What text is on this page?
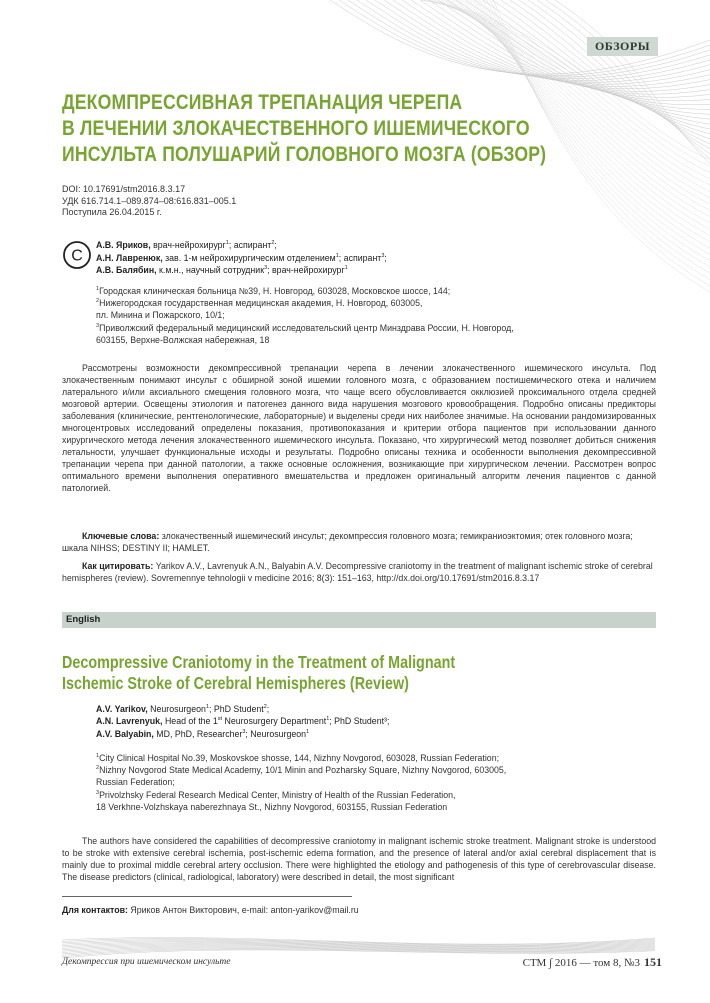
ОБЗОРЫ
ДЕКОМПРЕССИВНАЯ ТРЕПАНАЦИЯ ЧЕРЕПА
В ЛЕЧЕНИИ ЗЛОКАЧЕСТВЕННОГО ИШЕМИЧЕСКОГО
ИНСУЛЬТА ПОЛУШАРИЙ ГОЛОВНОГО МОЗГА (ОБЗОР)
DOI: 10.17691/stm2016.8.3.17
УДК 616.714.1–089.874–08:616.831–005.1
Поступила 26.04.2015 г.
C
А.В. Яриков, врач-нейрохирург$^1$; аспирант$^2$;
А.Н. Лавренюк, зав. 1-м нейрохирургическим отделением$^1$; аспирант$^3$;
А.В. Балябин, к.м.н., научный сотрудник$^3$; врач-нейрохирург$^1$
$^1$Городская клиническая больница №39, Н. Новгород, 603028, Московское шоссе, 144;
$^2$Нижегородская государственная медицинская академия, Н. Новгород, 603005,
пл. Минина и Пожарского, 10/1;
$^3$Приволжский федеральный медицинский исследовательский центр Минздрава России, Н. Новгород,
603155, Верхне-Волжская набережная, 18

Рассмотрены возможности декомпрессивной трепанации черепа в лечении злокачественного ишемического инсульта. Под злокачественным понимают инсульт с обширной зоной ишемии головного мозга, с образованием постишемического отека и наличием латерального и/или аксиального смещения головного мозга, что чаще всего обусловливается окклюзией проксимального отдела средней мозговой артерии. Освещены этиология и патогенез данного вида нарушения мозгового кровообращения. Подробно описаны предикторы заболевания (клинические, рентгенологические, лабораторные) и выделены среди них наиболее значимые. На основании рандомизированных многоцентровых исследований определены показания, противопоказания и критерии отбора пациентов при использовании данного хирургического метода лечения злокачественного ишемического инсульта. Показано, что хирургический метод позволяет добиться снижения летальности, улучшает функциональные исходы и результаты. Подробно описаны техника и особенности выполнения декомпрессивной трепанации черепа при данной патологии, а также основные осложнения, возникающие при хирургическом лечении. Рассмотрен вопрос оптимального времени выполнения оперативного вмешательства и предложен оригинальный алгоритм лечения пациентов с данной патологией.

Ключевые слова: злокачественный ишемический инсульт; декомпрессия головного мозга; гемикраниоэктомия; отек головного мозга; шкала NIHSS; DESTINY II; HAMLET.
Как цитировать: Yarikov A.V., Lavrenyuk A.N., Balyabin A.V. Decompressive craniotomy in the treatment of malignant ischemic stroke of cerebral hemispheres (review). Sovremennye tehnologii v medicine 2016; 8(3): 151–163, http://dx.doi.org/10.17691/stm2016.8.3.17
English
Decompressive Craniotomy in the Treatment of Malignant
Ischemic Stroke of Cerebral Hemispheres (Review)
A.V. Yarikov, Neurosurgeon$^1$; PhD Student$^2$;
A.N. Lavrenyuk, Head of the 1st Neurosurgery Department$^1$; PhD Student³;
A.V. Balyabin, MD, PhD, Researcher$^3$; Neurosurgeon$^1$
$^1$City Clinical Hospital No.39, Moskovskoe shosse, 144, Nizhny Novgorod, 603028, Russian Federation;
$^2$Nizhny Novgorod State Medical Academy, 10/1 Minin and Pozharsky Square, Nizhny Novgorod, 603005,
Russian Federation;
$^3$Privolzhsky Federal Research Medical Center, Ministry of Health of the Russian Federation,
18 Verkhne-Volzhskaya naberezhnaya St., Nizhny Novgorod, 603155, Russian Federation

The authors have considered the capabilities of decompressive craniotomy in malignant ischemic stroke treatment. Malignant stroke is understood to be stroke with extensive cerebral ischemia, post-ischemic edema formation, and the presence of lateral and/or axial cerebral displacement that is mainly due to proximal middle cerebral artery occlusion. There were highlighted the etiology and pathogenesis of this type of cerebrovascular disease. The disease predictors (clinical, radiological, laboratory) were described in detail, the most significant

Для контактов: Яриков Антон Викторович, e-mail: anton-yarikov@mail.ru
Декомпрессия при ишемическом инсульте	СТМ ∫ 2016 — том 8, №3 151
